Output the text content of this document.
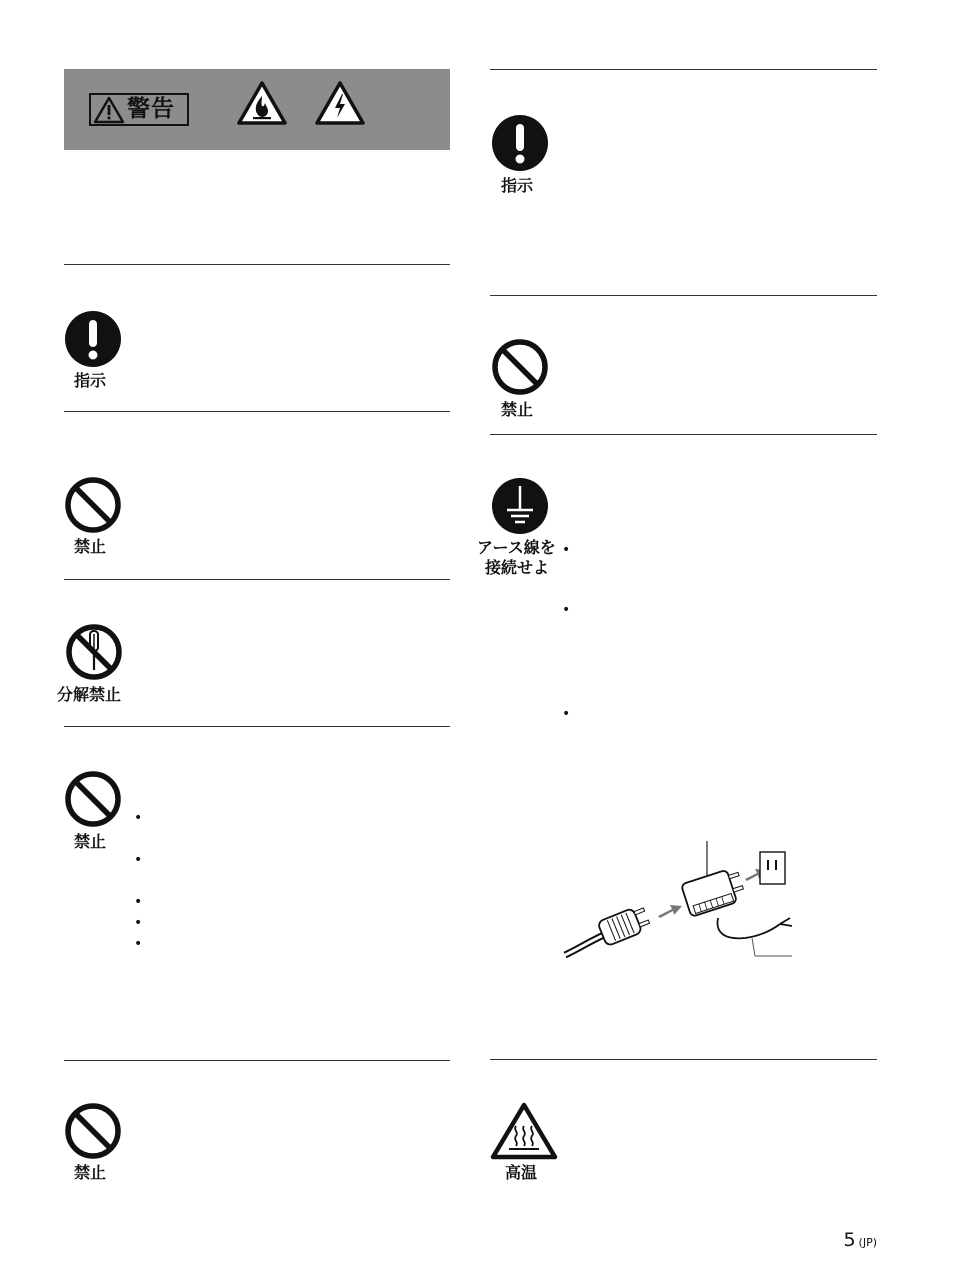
警告
指示
禁止
分解禁止
禁止
•
•
•
•
•
禁止
指示
禁止
アース線を
接続せよ
•
•
•
高温
5 (JP)
